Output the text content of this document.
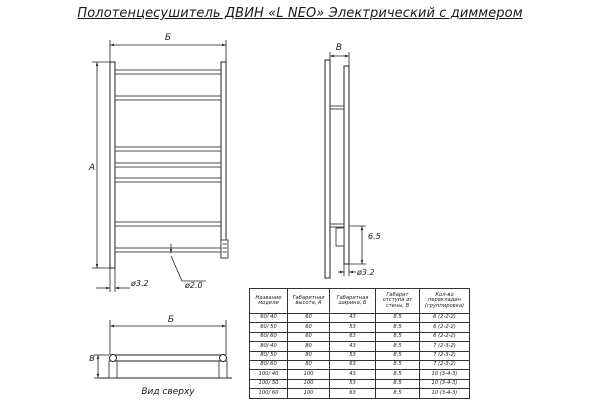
Полотенцесушитель ДВИН «L NEO» Электрический с диммером
Б
A
ø3.2	ø2.0
B
6.5
ø3.2
Б
B
Вид сверху
Название модели	Габаритная высота, А	Габаритная ширина, Б	Габарит отступа от стены, В	Кол-во перекладин (группировка)
60/ 40	60	43	8.5	6 (2-2-2)
60/ 50	60	53	8.5	6 (2-2-2)
60/ 60	60	63	8.5	6 (2-2-2)
80/ 40	80	43	8.5	7 (2-3-2)
80/ 50	80	53	8.5	7 (2-3-2)
80/ 60	80	63	8.5	7 (2-3-2)
100/ 40	100	43	8.5	10 (3-4-3)
100/ 50	100	53	8.5	10 (3-4-3)
100/ 60	100	63	8.5	10 (3-4-3)
